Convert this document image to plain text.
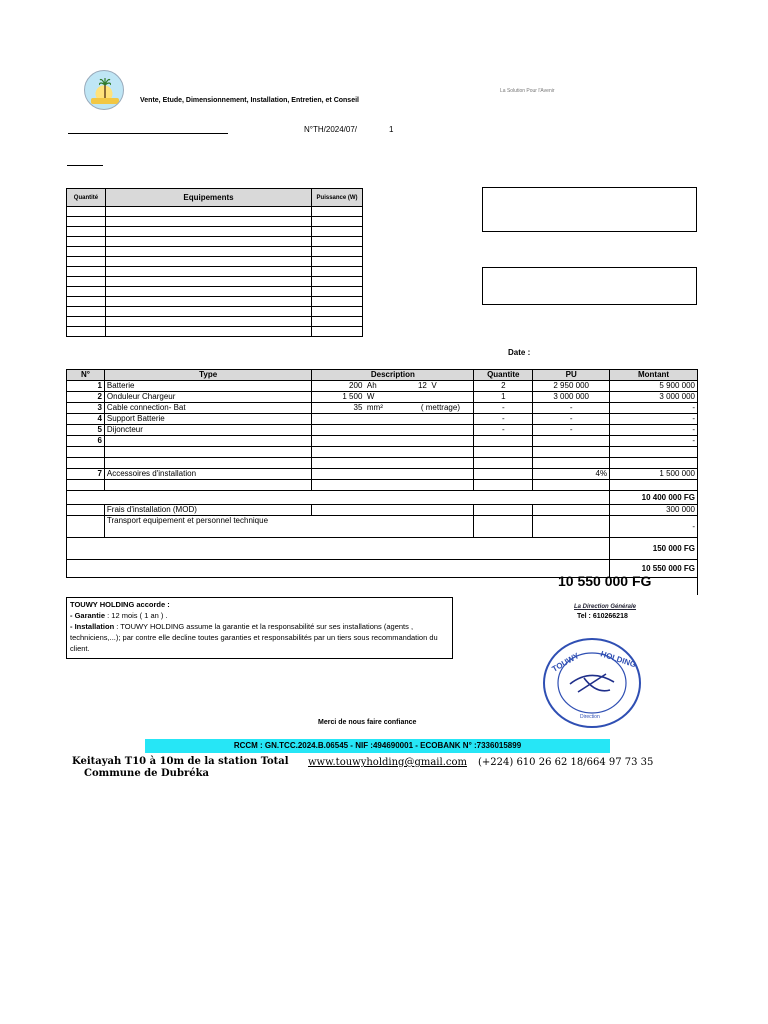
Vente, Etude, Dimensionnement, Installation, Entretien, et Conseil
La Solution Pour l'Avenir
N°TH/2024/07/	1
Quantité	Equipements	Puissance (W)

Date :
N°	Type	Description	Quantite	PU	Montant
1	Batterie	200 Ah 12 V	2	2 950 000	5 900 000
2	Onduleur Chargeur	1 500 W	1	3 000 000	3 000 000
3	Cable connection- Bat	35 mm² ( mettrage)	-	-	-
4	Support Batterie		-	-	-
5	Dijoncteur		-	-	-
6					-

7	Accessoires d'installation			4%	1 500 000

					10 400 000 FG
	Frais d'installation (MOD)				300 000
	Transport equipement et personnel technique				-
					150 000 FG
					10 550 000 FG
10 550 000 FG
TOUWY HOLDING accorde :
- Garantie : 12 mois ( 1 an ) .
- Installation : TOUWY HOLDING assume la garantie et la responsabilité sur ses installations (agents , techniciens,...); par contre elle decline toutes garanties et responsabilités par un tiers sous recommandation du client.
La Direction Générale
Tel : 610266218
HOLDING
TOUWY
Direction
Merci de nous faire confiance
RCCM : GN.TCC.2024.B.06545 - NIF :494690001 - ECOBANK N° :7336015899
Keitayah T10 à 10m de la station Total
Commune de Dubréka
www.touwyholding@gmail.com (+224) 610 26 62 18/664 97 73 35
